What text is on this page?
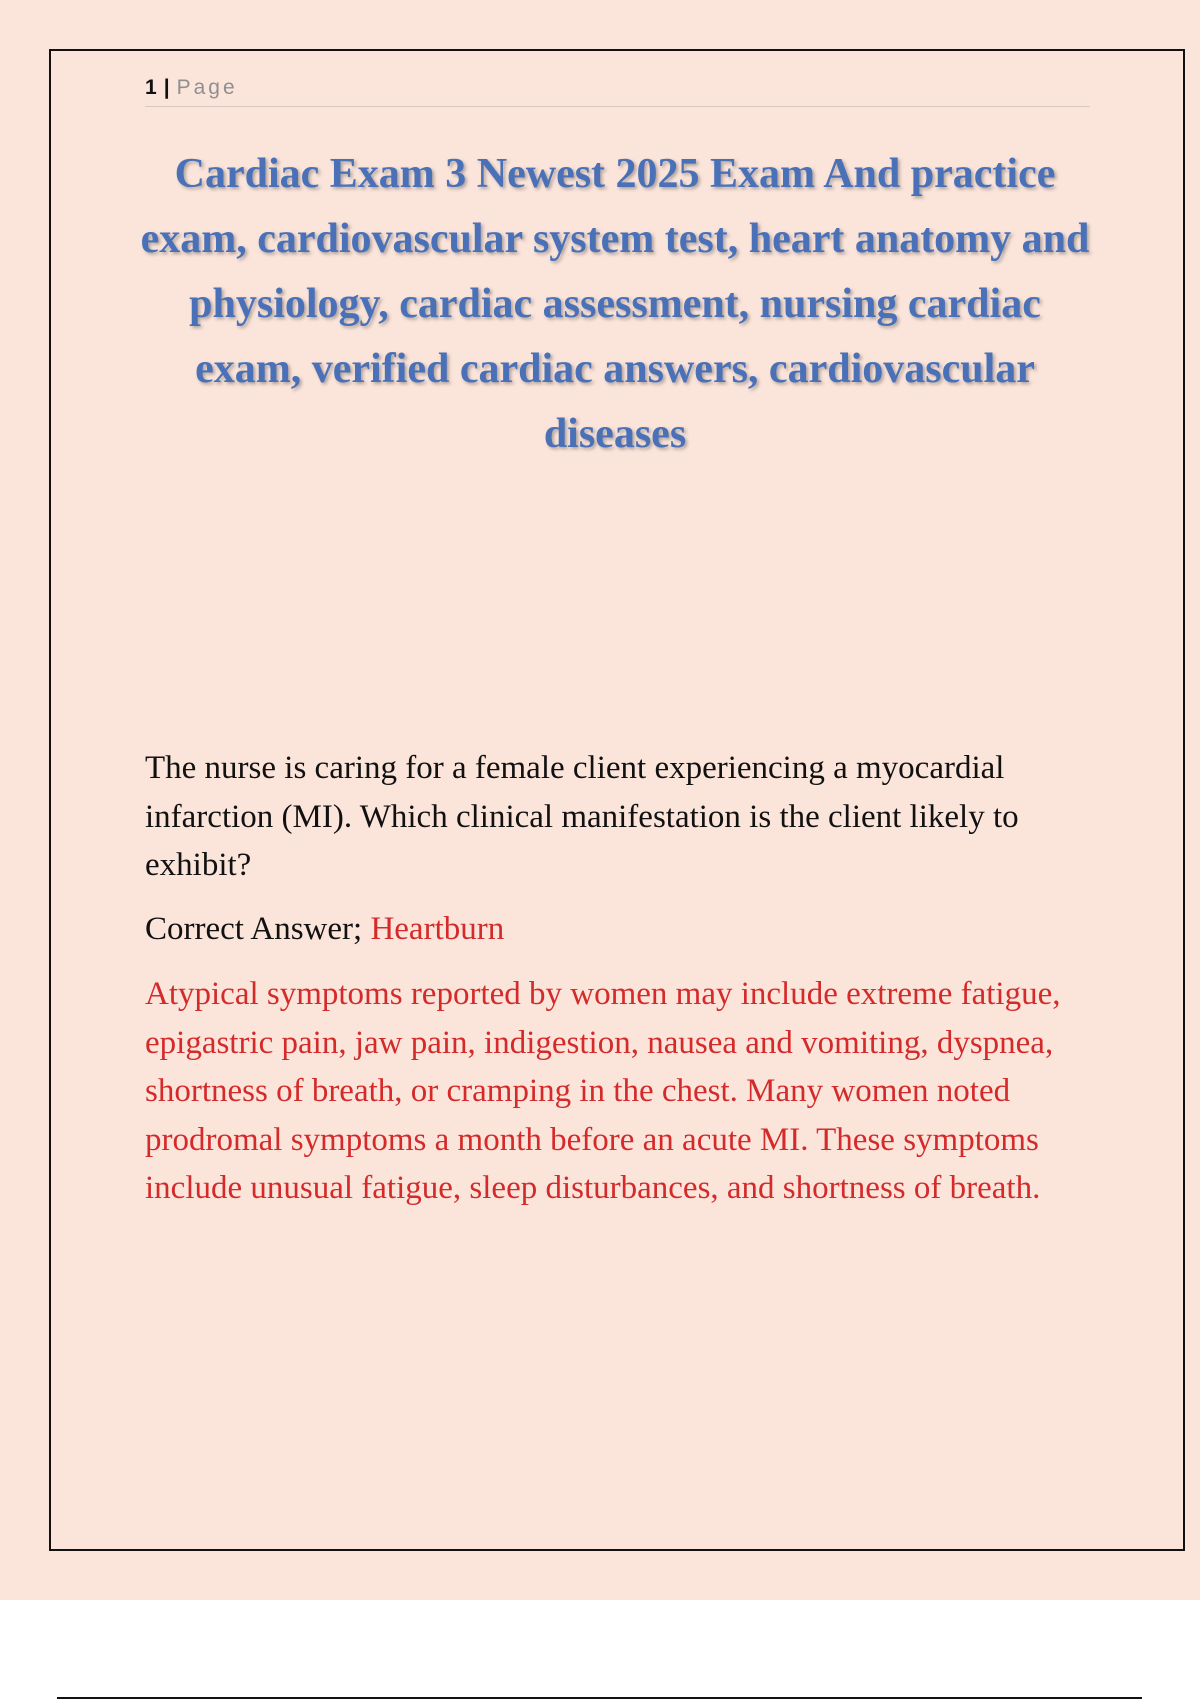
1 | Page
Cardiac Exam 3 Newest 2025 Exam And practice exam, cardiovascular system test, heart anatomy and physiology, cardiac assessment, nursing cardiac exam, verified cardiac answers, cardiovascular diseases

The nurse is caring for a female client experiencing a myocardial infarction (MI). Which clinical manifestation is the client likely to exhibit?

Correct Answer; Heartburn

Atypical symptoms reported by women may include extreme fatigue, epigastric pain, jaw pain, indigestion, nausea and vomiting, dyspnea, shortness of breath, or cramping in the chest. Many women noted prodromal symptoms a month before an acute MI. These symptoms include unusual fatigue, sleep disturbances, and shortness of breath.
